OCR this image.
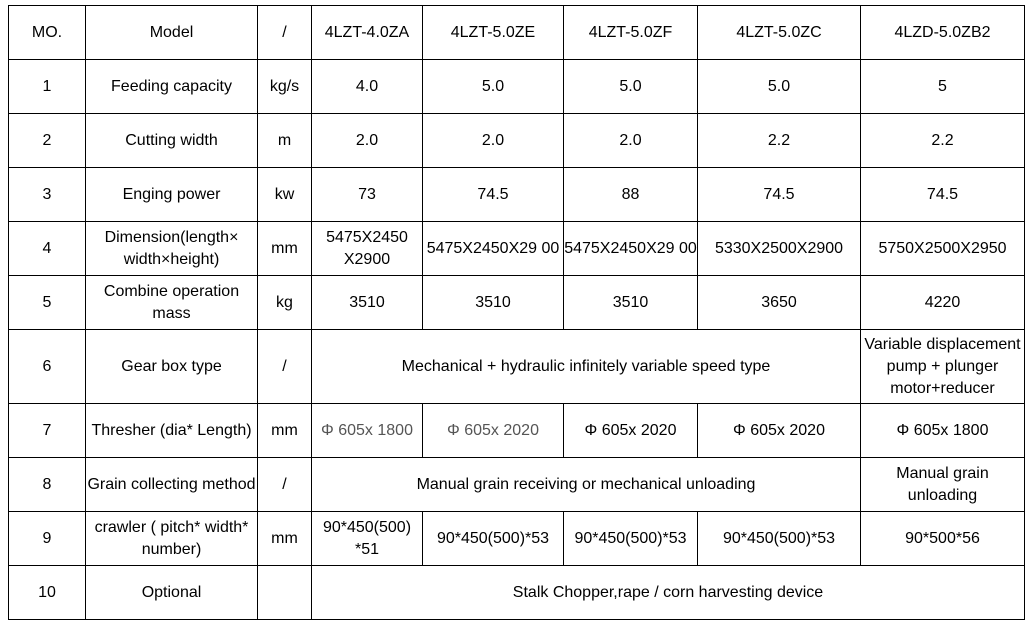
MO.	Model	/	4LZT-4.0ZA	4LZT-5.0ZE	4LZT-5.0ZF	4LZT-5.0ZC	4LZD-5.0ZB2
1	Feeding capacity	kg/s	4.0	5.0	5.0	5.0	5
2	Cutting width	m	2.0	2.0	2.0	2.2	2.2
3	Enging power	kw	73	74.5	88	74.5	74.5
4	Dimension(length× width×height)	mm	5475X2450 X2900	5475X2450X29 00	5475X2450X29 00	5330X2500X2900	5750X2500X2950
5	Combine operation mass	kg	3510	3510	3510	3650	4220
6	Gear box type	/	Mechanical + hydraulic infinitely variable speed type				Variable displacement pump + plunger motor+reducer

7	Thresher (dia* Length)	mm	Φ 605x 1800	Φ 605x 2020	Φ 605x 2020	Φ 605x 2020	Φ 605x 1800
8	Grain collecting method	/	Manual grain receiving or mechanical unloading				Manual grain unloading
9	crawler ( pitch* width* number)	mm	90*450(500) *51	90*450(500)*53	90*450(500)*53	90*450(500)*53	90*500*56
10	Optional		Stalk Chopper,rape / corn harvesting device				
